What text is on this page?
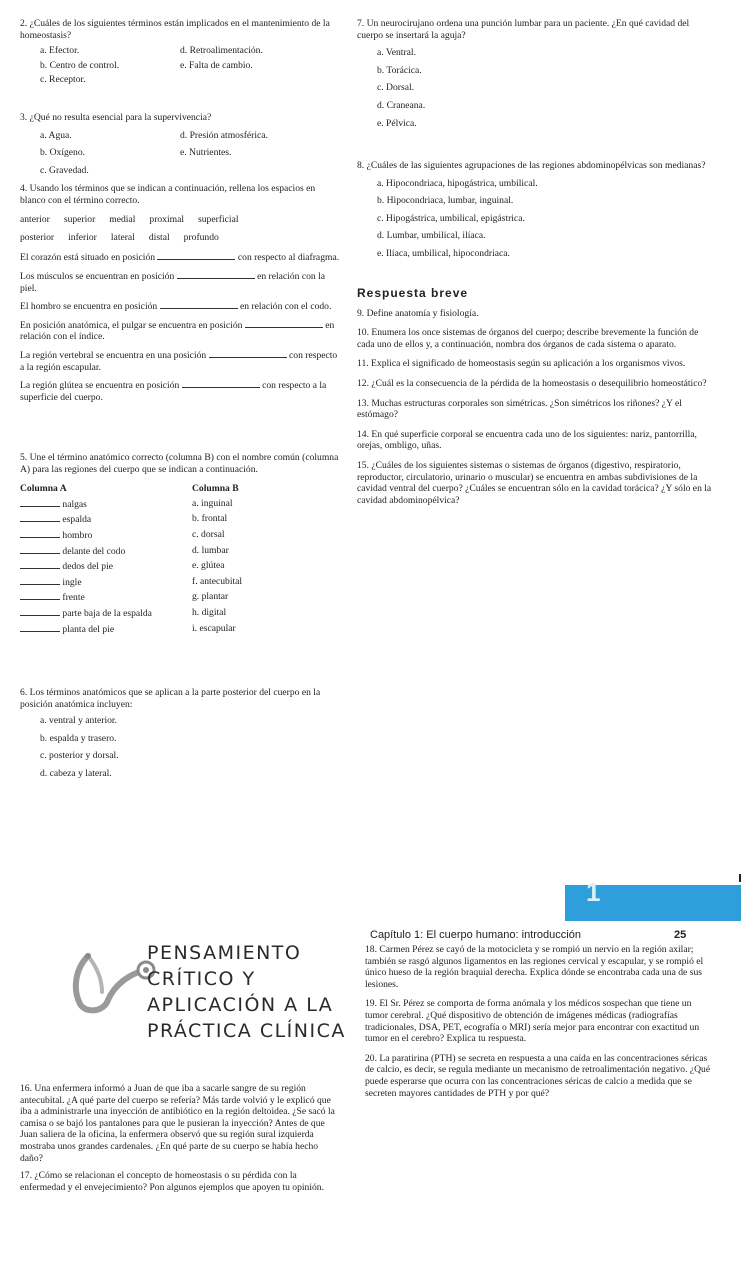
2. ¿Cuáles de los siguientes términos están implicados en el mantenimiento de la homeostasis?

a. Efector.	d. Retroalimentación.

b. Centro de control.	e. Falta de cambio.

c. Receptor.

3. ¿Qué no resulta esencial para la supervivencia?

a. Agua.	d. Presión atmosférica.

b. Oxígeno.	e. Nutrientes.

c. Gravedad.

4. Usando los términos que se indican a continuación, rellena los espacios en blanco con el término correcto.

anterior superior medial proximal superficial

posterior inferior lateral distal profundo

El corazón está situado en posición	con respecto al diafragma.

Los músculos se encuentran en posición	en relación con la piel.

El hombro se encuentra en posición	en relación con el codo.

En posición anatómica, el pulgar se encuentra en posición	en relación con el índice.

La región vertebral se encuentra en una posición	con respecto a la región escapular.

La región glútea se encuentra en posición	con respecto a la superficie del cuerpo.

5. Une el término anatómico correcto (columna B) con el nombre común (columna A) para las regiones del cuerpo que se indican a continuación.

Columna A	Columna B
nalgas	a. inguinal
espalda	b. frontal
hombro	c. dorsal
delante del codo	d. lumbar
dedos del pie	e. glútea
ingle	f. antecubital
frente	g. plantar
parte baja de la espalda	h. digital
planta del pie	i. escapular

6. Los términos anatómicos que se aplican a la parte posterior del cuerpo en la posición anatómica incluyen:

a. ventral y anterior.

b. espalda y trasero.

c. posterior y dorsal.

d. cabeza y lateral.

7. Un neurocirujano ordena una punción lumbar para un paciente. ¿En qué cavidad del cuerpo se insertará la aguja?

a. Ventral.

b. Torácica.

c. Dorsal.

d. Craneana.

e. Pélvica.

8. ¿Cuáles de las siguientes agrupaciones de las regiones abdominopélvicas son medianas?

a. Hipocondriaca, hipogástrica, umbilical.

b. Hipocondriaca, lumbar, inguinal.

c. Hipogástrica, umbilical, epigástrica.

d. Lumbar, umbilical, ilíaca.

e. Ilíaca, umbilical, hipocondriaca.

Respuesta breve

9. Define anatomía y fisiología.

10. Enumera los once sistemas de órganos del cuerpo; describe brevemente la función de cada uno de ellos y, a continuación, nombra dos órganos de cada sistema o aparato.

11. Explica el significado de homeostasis según su aplicación a los organismos vivos.

12. ¿Cuál es la consecuencia de la pérdida de la homeostasis o desequilibrio homeostático?

13. Muchas estructuras corporales son simétricas. ¿Son simétricos los riñones? ¿Y el estómago?

14. En qué superficie corporal se encuentra cada uno de los siguientes: nariz, pantorrilla, orejas, ombligo, uñas.

15. ¿Cuáles de los siguientes sistemas o sistemas de órganos (digestivo, respiratorio, reproductor, circulatorio, urinario o muscular) se encuentra en ambas subdivisiones de la cavidad ventral del cuerpo? ¿Cuáles se encuentran sólo en la cavidad torácica? ¿Y sólo en la cavidad abdominopélvica?

1
Capítulo 1: El cuerpo humano: introducción	25

PENSAMIENTO

CRÍTICO Y

APLICACIÓN A LA

PRÁCTICA CLÍNICA

16. Una enfermera informó a Juan de que iba a sacarle sangre de su región antecubital. ¿A qué parte del cuerpo se refería? Más tarde volvió y le explicó que iba a administrarle una inyección de antibiótico en la región deltoidea. ¿Se sacó la camisa o se bajó los pantalones para que le pusieran la inyección? Antes de que Juan saliera de la oficina, la enfermera observó que su región sural izquierda mostraba unos grandes cardenales. ¿En qué parte de su cuerpo se había hecho daño?

17. ¿Cómo se relacionan el concepto de homeostasis o su pérdida con la enfermedad y el envejecimiento? Pon algunos ejemplos que apoyen tu opinión.

18. Carmen Pérez se cayó de la motocicleta y se rompió un nervio en la región axilar; también se rasgó algunos ligamentos en las regiones cervical y escapular, y se rompió el único hueso de la región braquial derecha. Explica dónde se encontraba cada una de sus lesiones.

19. El Sr. Pérez se comporta de forma anómala y los médicos sospechan que tiene un tumor cerebral. ¿Qué dispositivo de obtención de imágenes médicas (radiografías tradicionales, DSA, PET, ecografía o MRI) sería mejor para encontrar con exactitud un tumor en el cerebro? Explica tu respuesta.

20. La paratirina (PTH) se secreta en respuesta a una caída en las concentraciones séricas de calcio, es decir, se regula mediante un mecanismo de retroalimentación negativo. ¿Qué puede esperarse que ocurra con las concentraciones séricas de calcio a medida que se secreten mayores cantidades de PTH y por qué?
